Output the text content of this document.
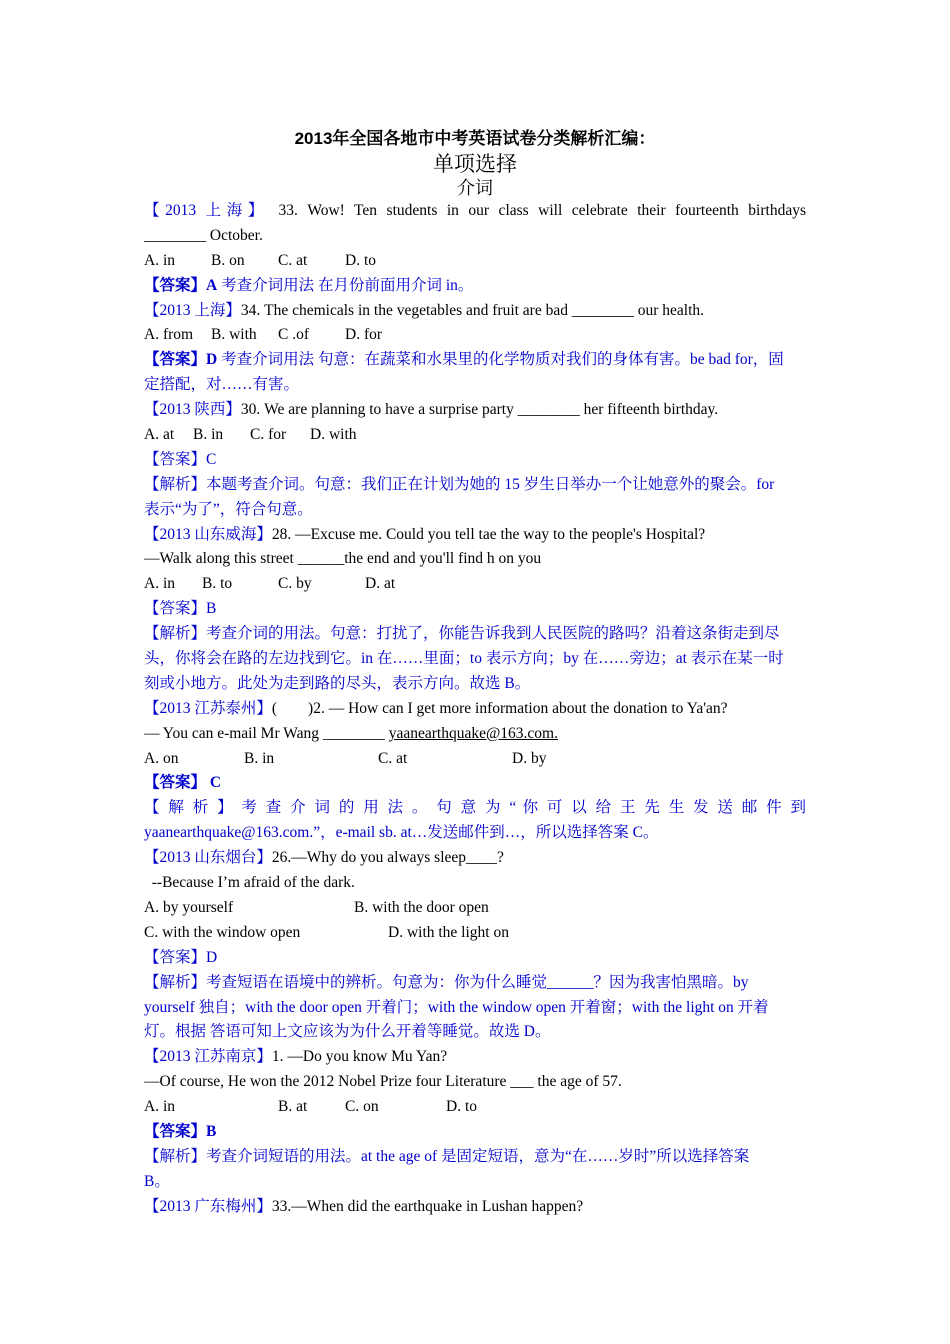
2013年全国各地市中考英语试卷分类解析汇编：
单项选择
介词
【2013 上海】 33. Wow! Ten students in our class will celebrate their fourteenth birthdays
________ October.
A. in B. on C. at D. to
【答案】A 考查介词用法 在月份前面用介词 in。
【2013 上海】34. The chemicals in the vegetables and fruit are bad ________ our health.
A. from B. with C .of D. for
【答案】D 考查介词用法 句意：在蔬菜和水果里的化学物质对我们的身体有害。be bad for，固
定搭配，对……有害。
【2013 陕西】30. We are planning to have a surprise party ________ her fifteenth birthday.
A. at B. in C. for D. with
【答案】C
【解析】本题考查介词。句意：我们正在计划为她的 15 岁生日举办一个让她意外的聚会。for
表示“为了”，符合句意。
【2013 山东威海】28. —Excuse me. Could you tell tae the way to the people's Hospital?
—Walk along this street ______the end and you'll find h on you
A. in B. to	C. by	D. at
【答案】B
【解析】考查介词的用法。句意：打扰了，你能告诉我到人民医院的路吗？沿着这条街走到尽
头，你将会在路的左边找到它。in 在……里面；to 表示方向；by 在……旁边；at 表示在某一时
刻或小地方。此处为走到路的尽头，表示方向。故选 B。
【2013 江苏泰州】(        )2. — How can I get more information about the donation to Ya'an?
— You can e-mail Mr Wang ________ yaanearthquake@163.com.
A. on	B. in	C. at	D. by
【答案】 C
【 解 析 】 考 查 介 词 的 用 法 。 句 意 为 “ 你 可 以 给 王 先 生 发 送 邮 件 到
yaanearthquake@163.com.”，e-mail sb. at…发送邮件到…，所以选择答案 C。
【2013 山东烟台】26.—Why do you always sleep____?
--Because I’m afraid of the dark.
A. by yourself	B. with the door open
C. with the window open	D. with the light on
【答案】D
【解析】考查短语在语境中的辨析。句意为：你为什么睡觉______？因为我害怕黑暗。by
yourself 独自；with the door open 开着门；with the window open 开着窗；with the light on 开着
灯。根据 答语可知上文应该为为什么开着等睡觉。故选 D。
【2013 江苏南京】1. —Do you know Mu Yan?
—Of course, He won the 2012 Nobel Prize four Literature ___ the age of 57.
A. in	B. at C. on	D. to
【答案】B
【解析】考查介词短语的用法。at the age of 是固定短语，意为“在……岁时”所以选择答案
B。
【2013 广东梅州】33.—When did the earthquake in Lushan happen?
